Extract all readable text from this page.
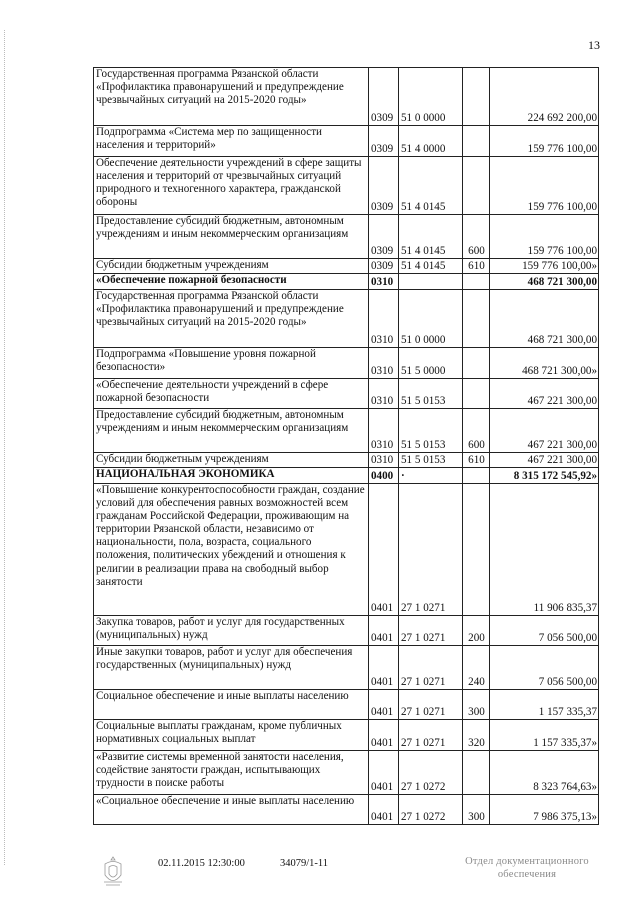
13
Государственная программа Рязанской области «Профилактика правонарушений и предупреждение чрезвычайных ситуаций на 2015-2020 годы»	0309	51 0 0000		224 692 200,00
Подпрограмма «Система мер по защищенности населения и территорий»	0309	51 4 0000		159 776 100,00
Обеспечение деятельности учреждений в сфере защиты населения и территорий от чрезвычайных ситуаций природного и техногенного характера, гражданской обороны	0309	51 4 0145		159 776 100,00
Предоставление субсидий бюджетным, автономным учреждениям и иным некоммерческим организациям	0309	51 4 0145	600	159 776 100,00
Субсидии бюджетным учреждениям	0309	51 4 0145	610	159 776 100,00»
«Обеспечение пожарной безопасности	0310			468 721 300,00
Государственная программа Рязанской области «Профилактика правонарушений и предупреждение чрезвычайных ситуаций на 2015-2020 годы»	0310	51 0 0000		468 721 300,00
Подпрограмма «Повышение уровня пожарной безопасности»	0310	51 5 0000		468 721 300,00»
«Обеспечение деятельности учреждений в сфере пожарной безопасности	0310	51 5 0153		467 221 300,00
Предоставление субсидий бюджетным, автономным учреждениям и иным некоммерческим организациям	0310	51 5 0153	600	467 221 300,00
Субсидии бюджетным учреждениям	0310	51 5 0153	610	467 221 300,00
НАЦИОНАЛЬНАЯ ЭКОНОМИКА	0400	·		8 315 172 545,92»
«Повышение конкурентоспособности граждан, создание условий для обеспечения равных возможностей всем гражданам Российской Федерации, проживающим на территории Рязанской области, независимо от национальности, пола, возраста, социального положения, политических убеждений и отношения к религии в реализации права на свободный выбор занятости	0401	27 1 0271		11 906 835,37
Закупка товаров, работ и услуг для государственных (муниципальных) нужд	0401	27 1 0271	200	7 056 500,00
Иные закупки товаров, работ и услуг для обеспечения государственных (муниципальных) нужд	0401	27 1 0271	240	7 056 500,00
Социальное обеспечение и иные выплаты населению	0401	27 1 0271	300	1 157 335,37
Социальные выплаты гражданам, кроме публичных нормативных социальных выплат	0401	27 1 0271	320	1 157 335,37»
«Развитие системы временной занятости населения, содействие занятости граждан, испытывающих трудности в поиске работы	0401	27 1 0272		8 323 764,63»
«Социальное обеспечение и иные выплаты населению	0401	27 1 0272	300	7 986 375,13»
02.11.2015 12:30:00	34079/1-11	Отдел документационного обеспечения
